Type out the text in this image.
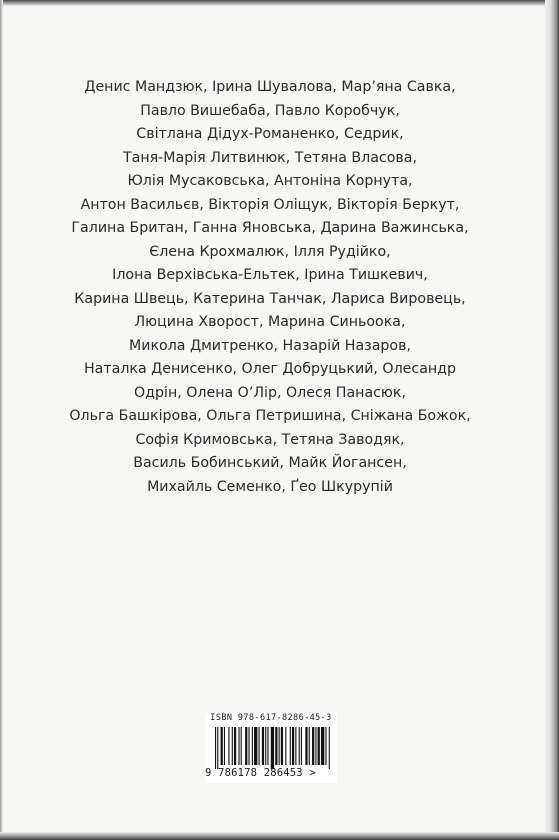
Денис Мандзюк, Ірина Шувалова, Мар’яна Савка,
Павло Вишебаба, Павло Коробчук,
Світлана Дідух-Романенко, Седрик,
Таня-Марія Литвинюк, Тетяна Власова,
Юлія Мусаковська, Антоніна Корнута,
Антон Васильєв, Вікторія Оліщук, Вікторія Беркут,
Галина Британ, Ганна Яновська, Дарина Важинська,
Єлена Крохмалюк, Ілля Рудійко,
Ілона Верхівська-Ельтек, Ірина Тишкевич,
Карина Швець, Катерина Танчак, Лариса Вировець,
Люцина Хворост, Марина Синьоока,
Микола Дмитренко, Назарій Назаров,
Наталка Денисенко, Олег Добруцький, Олесандр
Одрін, Олена О’Лір, Олеся Панасюк,
Ольга Башкірова, Ольга Петришина, Сніжана Божок,
Софія Кримовська, Тетяна Заводяк,
Василь Бобинський, Майк Йогансен,
Михайль Семенко, Ґео Шкурупій
ISBN 978-617-8286-45-3
9 786178 286453 >
